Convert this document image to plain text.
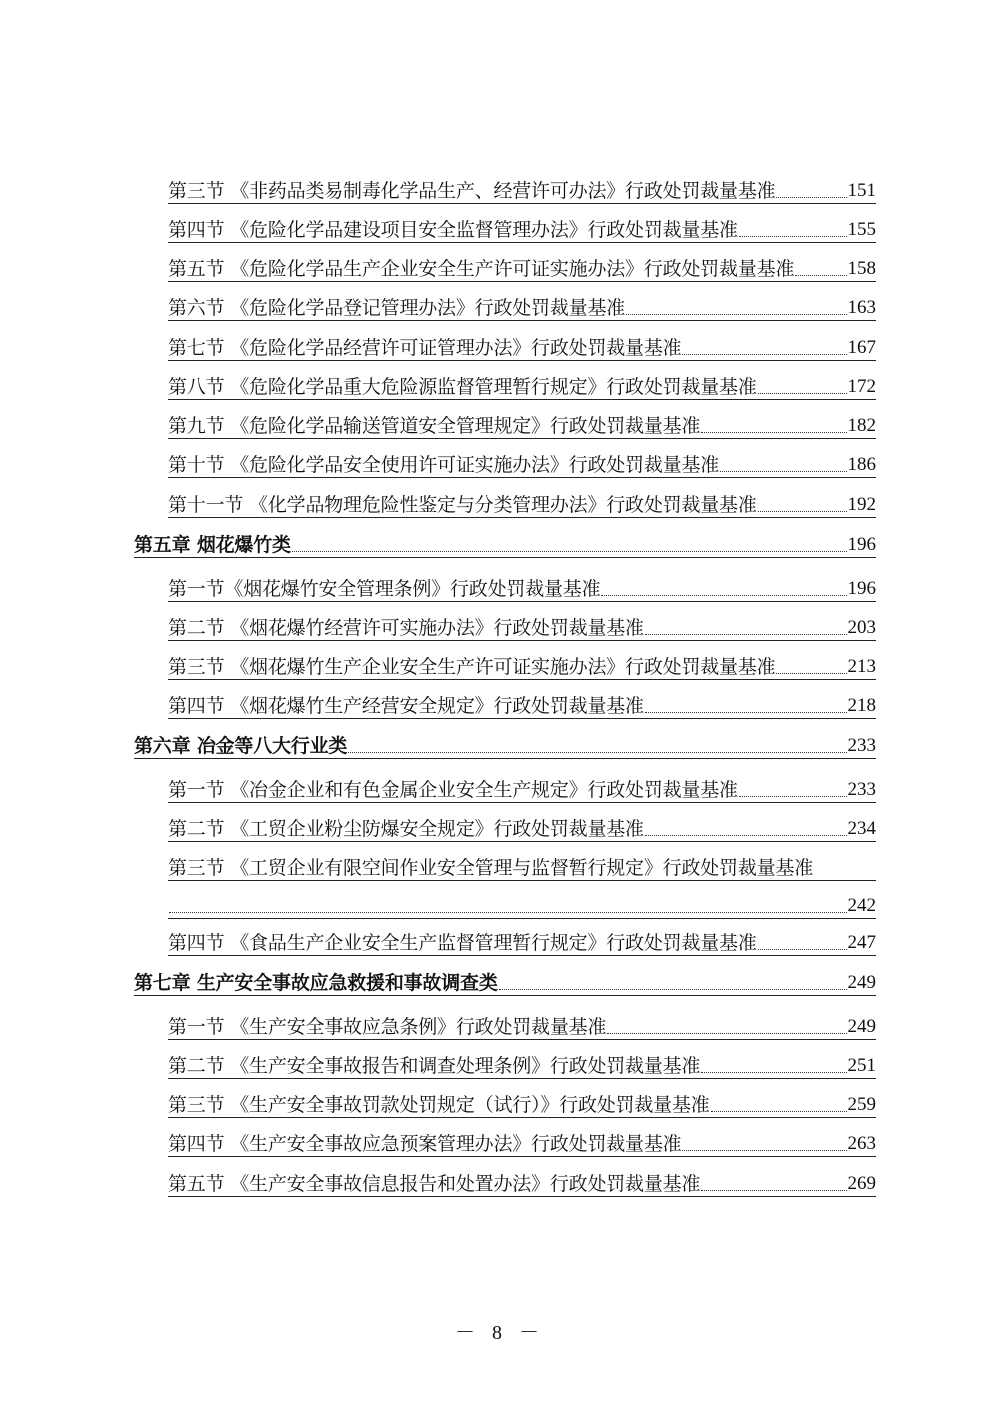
第三节 《非药品类易制毒化学品生产、经营许可办法》行政处罚裁量基准	151
第四节 《危险化学品建设项目安全监督管理办法》行政处罚裁量基准	155
第五节 《危险化学品生产企业安全生产许可证实施办法》行政处罚裁量基准	158
第六节 《危险化学品登记管理办法》行政处罚裁量基准	163
第七节 《危险化学品经营许可证管理办法》行政处罚裁量基准	167
第八节 《危险化学品重大危险源监督管理暂行规定》行政处罚裁量基准	172
第九节 《危险化学品输送管道安全管理规定》行政处罚裁量基准	182
第十节 《危险化学品安全使用许可证实施办法》行政处罚裁量基准	186
第十一节 《化学品物理危险性鉴定与分类管理办法》行政处罚裁量基准	192
第五章 烟花爆竹类	196
第一节《烟花爆竹安全管理条例》行政处罚裁量基准	196
第二节 《烟花爆竹经营许可实施办法》行政处罚裁量基准	203
第三节 《烟花爆竹生产企业安全生产许可证实施办法》行政处罚裁量基准	213
第四节 《烟花爆竹生产经营安全规定》行政处罚裁量基准	218
第六章 冶金等八大行业类	233
第一节 《冶金企业和有色金属企业安全生产规定》行政处罚裁量基准	233
第二节 《工贸企业粉尘防爆安全规定》行政处罚裁量基准	234
第三节 《工贸企业有限空间作业安全管理与监督暂行规定》行政处罚裁量基准
242
第四节 《食品生产企业安全生产监督管理暂行规定》行政处罚裁量基准	247
第七章 生产安全事故应急救援和事故调查类	249
第一节 《生产安全事故应急条例》行政处罚裁量基准	249
第二节 《生产安全事故报告和调查处理条例》行政处罚裁量基准	251
第三节 《生产安全事故罚款处罚规定（试行）》行政处罚裁量基准	259
第四节 《生产安全事故应急预案管理办法》行政处罚裁量基准	263
第五节 《生产安全事故信息报告和处置办法》行政处罚裁量基准	269
－ 8 －
